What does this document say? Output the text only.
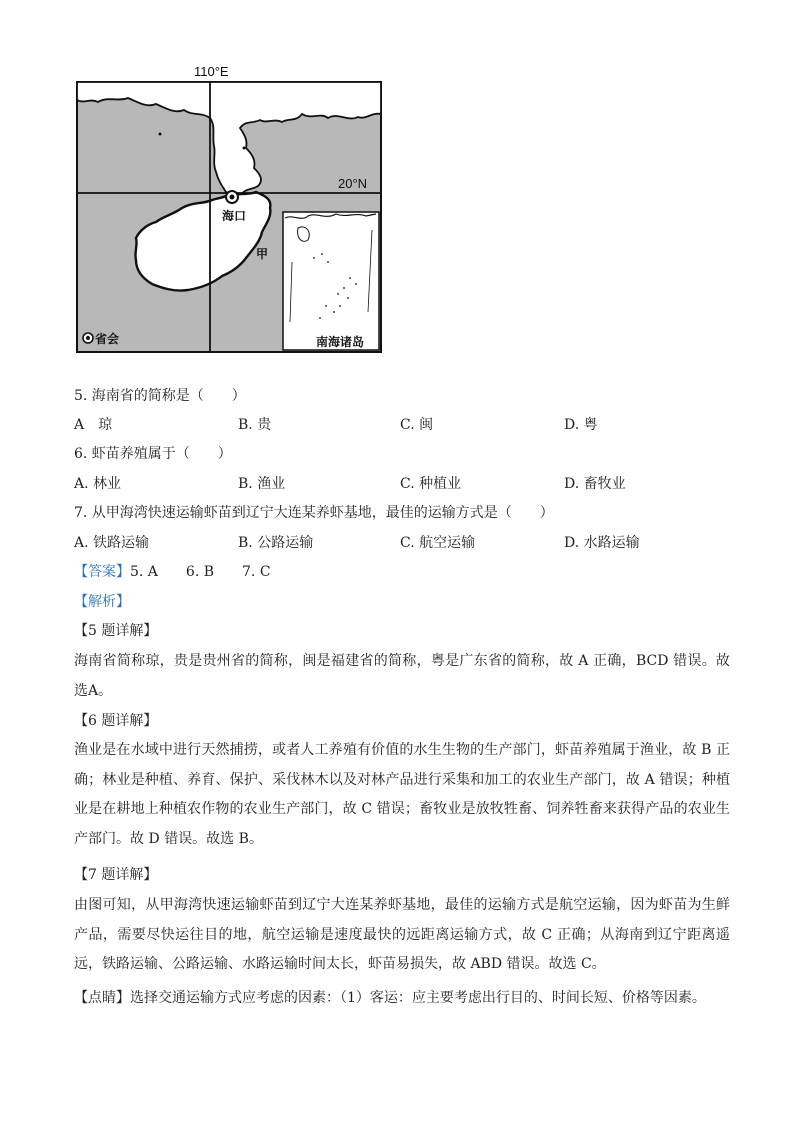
110°E
20°N
海口
甲
省会	南海诸岛
5. 海南省的简称是（　　）
A　琼	B. 贵	C. 闽	D. 粤
6. 虾苗养殖属于（　　）
A. 林业	B. 渔业	C. 种植业	D. 畜牧业
7. 从甲海湾快速运输虾苗到辽宁大连某养虾基地，最佳的运输方式是（　　）
A. 铁路运输	B. 公路运输	C. 航空运输	D. 水路运输
【答案】5. A　　6. B　　7. C
【解析】
【5 题详解】
海南省简称琼，贵是贵州省的简称，闽是福建省的简称，粤是广东省的简称，故 A 正确，BCD 错误。故选A。
【6 题详解】
渔业是在水域中进行天然捕捞，或者人工养殖有价值的水生生物的生产部门，虾苗养殖属于渔业，故 B 正确；林业是种植、养育、保护、采伐林木以及对林产品进行采集和加工的农业生产部门，故 A 错误；种植业是在耕地上种植农作物的农业生产部门，故 C 错误；畜牧业是放牧牲畜、饲养牲畜来获得产品的农业生产部门。故 D 错误。故选 B。
【7 题详解】
由图可知，从甲海湾快速运输虾苗到辽宁大连某养虾基地，最佳的运输方式是航空运输，因为虾苗为生鲜产品，需要尽快运往目的地，航空运输是速度最快的远距离运输方式，故 C 正确；从海南到辽宁距离遥远，铁路运输、公路运输、水路运输时间太长，虾苗易损失，故 ABD 错误。故选 C。
【点睛】选择交通运输方式应考虑的因素：（1）客运：应主要考虑出行目的、时间长短、价格等因素。
